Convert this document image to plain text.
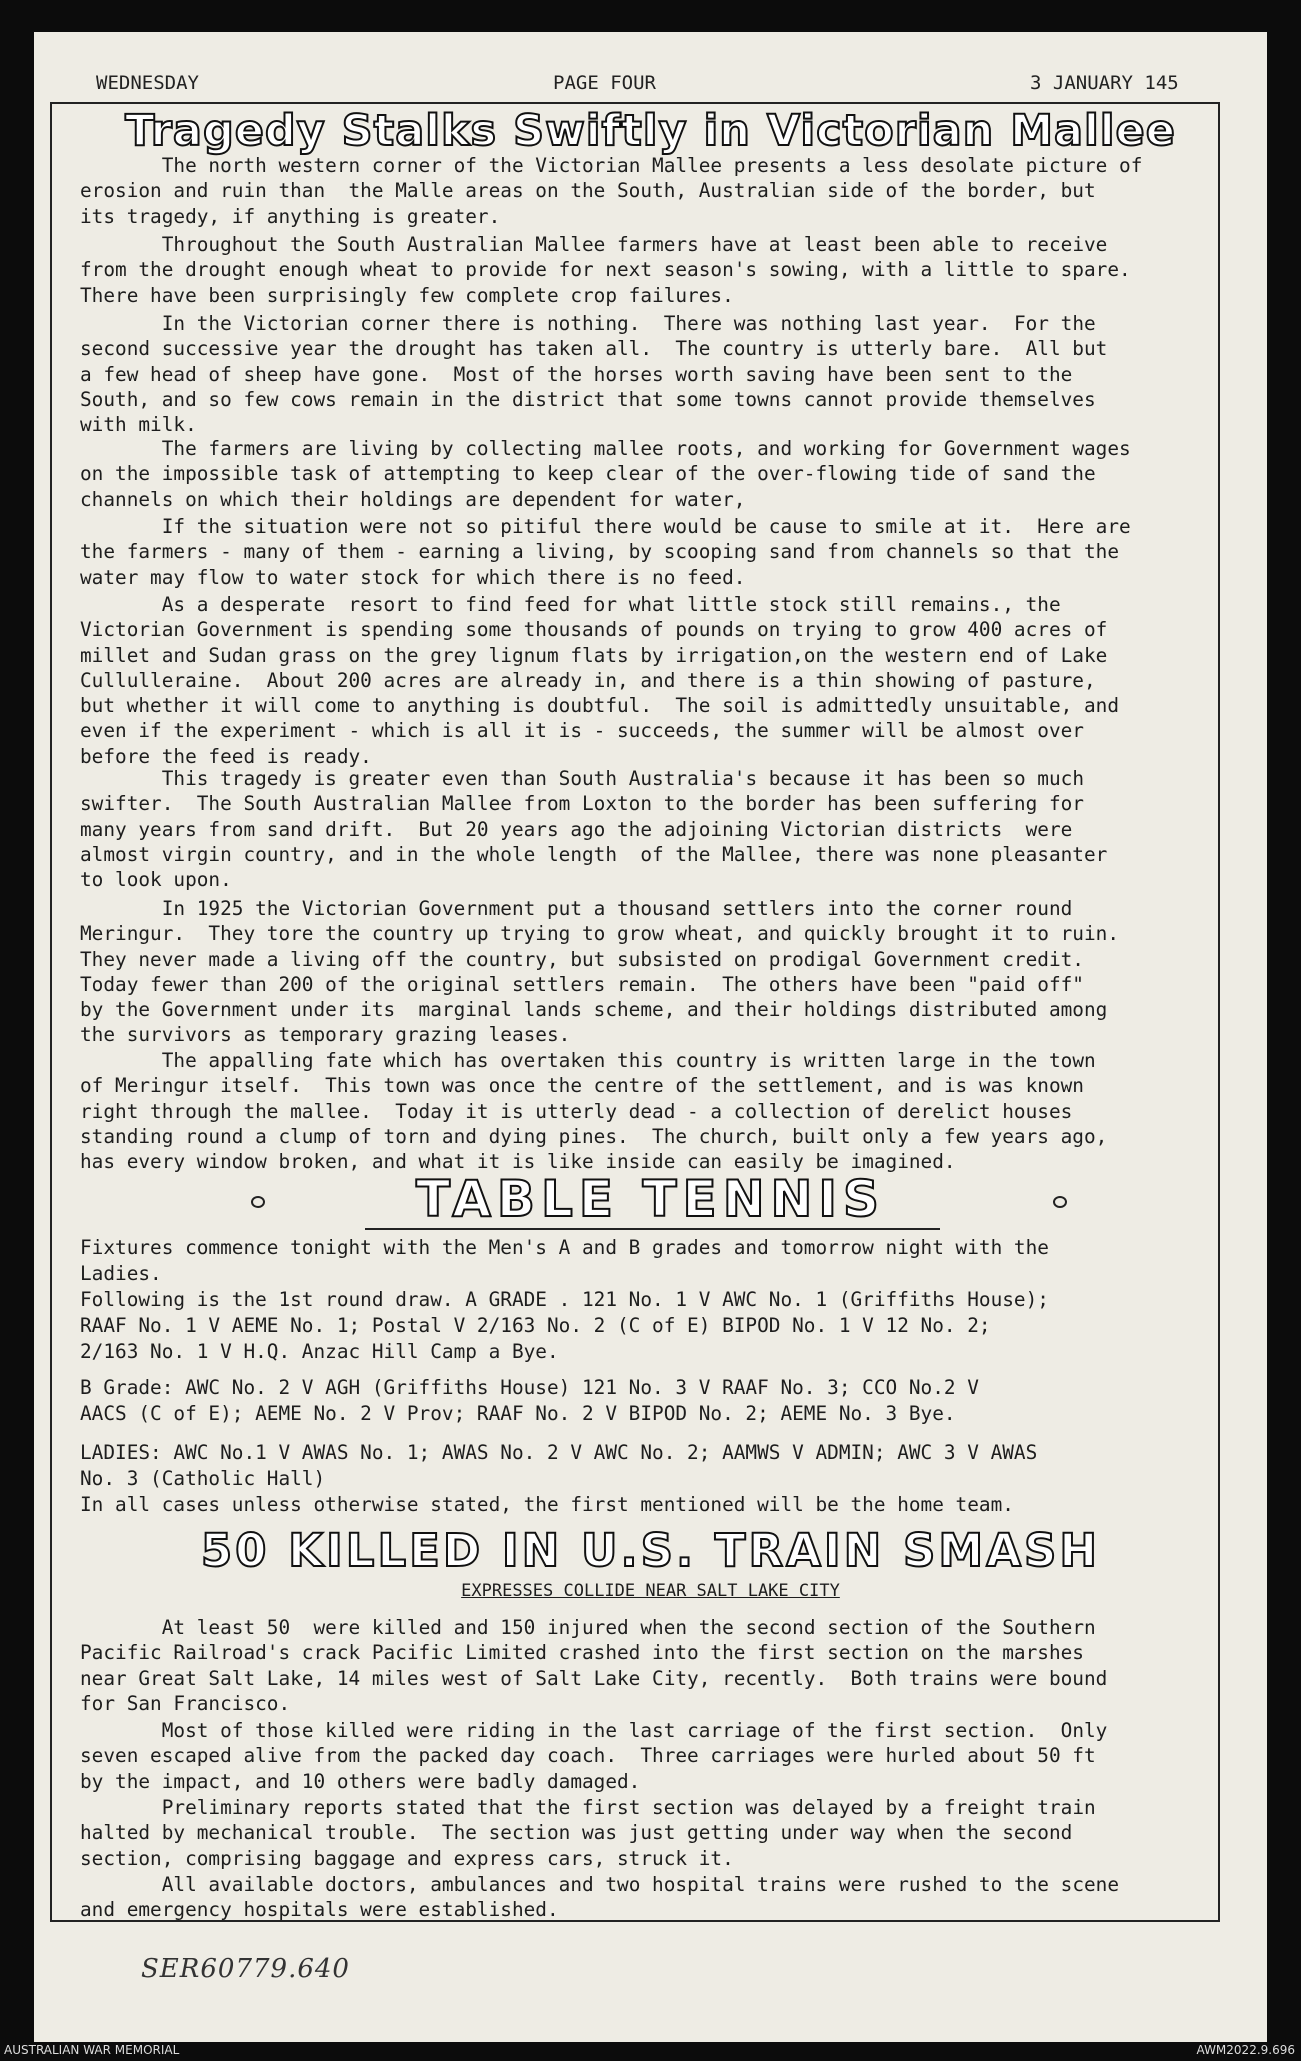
WEDNESDAY	PAGE FOUR	3 JANUARY 145
Tragedy Stalks Swiftly in Victorian Mallee
The north western corner of the Victorian Mallee presents a less desolate picture of
erosion and ruin than  the Malle areas on the South, Australian side of the border, but
its tragedy, if anything is greater.
Throughout the South Australian Mallee farmers have at least been able to receive
from the drought enough wheat to provide for next season's sowing, with a little to spare.
There have been surprisingly few complete crop failures.
In the Victorian corner there is nothing.  There was nothing last year.  For the
second successive year the drought has taken all.  The country is utterly bare.  All but
a few head of sheep have gone.  Most of the horses worth saving have been sent to the
South, and so few cows remain in the district that some towns cannot provide themselves
with milk.
The farmers are living by collecting mallee roots, and working for Government wages
on the impossible task of attempting to keep clear of the over-flowing tide of sand the
channels on which their holdings are dependent for water,
If the situation were not so pitiful there would be cause to smile at it.  Here are
the farmers - many of them - earning a living, by scooping sand from channels so that the
water may flow to water stock for which there is no feed.
As a desperate  resort to find feed for what little stock still remains., the
Victorian Government is spending some thousands of pounds on trying to grow 400 acres of
millet and Sudan grass on the grey lignum flats by irrigation,on the western end of Lake
Cullulleraine.  About 200 acres are already in, and there is a thin showing of pasture,
but whether it will come to anything is doubtful.  The soil is admittedly unsuitable, and
even if the experiment - which is all it is - succeeds, the summer will be almost over
before the feed is ready.
This tragedy is greater even than South Australia's because it has been so much
swifter.  The South Australian Mallee from Loxton to the border has been suffering for
many years from sand drift.  But 20 years ago the adjoining Victorian districts  were
almost virgin country, and in the whole length  of the Mallee, there was none pleasanter
to look upon.
In 1925 the Victorian Government put a thousand settlers into the corner round
Meringur.  They tore the country up trying to grow wheat, and quickly brought it to ruin.
They never made a living off the country, but subsisted on prodigal Government credit.
Today fewer than 200 of the original settlers remain.  The others have been "paid off"
by the Government under its  marginal lands scheme, and their holdings distributed among
the survivors as temporary grazing leases.
The appalling fate which has overtaken this country is written large in the town
of Meringur itself.  This town was once the centre of the settlement, and is was known
right through the mallee.  Today it is utterly dead - a collection of derelict houses
standing round a clump of torn and dying pines.  The church, built only a few years ago,
has every window broken, and what it is like inside can easily be imagined.
TABLE TENNIS
Fixtures commence tonight with the Men's A and B grades and tomorrow night with the
Ladies.
Following is the 1st round draw. A GRADE . 121 No. 1 V AWC No. 1 (Griffiths House);
RAAF No. 1 V AEME No. 1; Postal V 2/163 No. 2 (C of E) BIPOD No. 1 V 12 No. 2;
2/163 No. 1 V H.Q. Anzac Hill Camp a Bye.
B Grade: AWC No. 2 V AGH (Griffiths House) 121 No. 3 V RAAF No. 3; CCO No.2 V
AACS (C of E); AEME No. 2 V Prov; RAAF No. 2 V BIPOD No. 2; AEME No. 3 Bye.
LADIES: AWC No.1 V AWAS No. 1; AWAS No. 2 V AWC No. 2; AAMWS V ADMIN; AWC 3 V AWAS
No. 3 (Catholic Hall)
In all cases unless otherwise stated, the first mentioned will be the home team.
50 KILLED IN U.S. TRAIN SMASH
EXPRESSES COLLIDE NEAR SALT LAKE CITY
At least 50  were killed and 150 injured when the second section of the Southern
Pacific Railroad's crack Pacific Limited crashed into the first section on the marshes
near Great Salt Lake, 14 miles west of Salt Lake City, recently.  Both trains were bound
for San Francisco.
Most of those killed were riding in the last carriage of the first section.  Only
seven escaped alive from the packed day coach.  Three carriages were hurled about 50 ft
by the impact, and 10 others were badly damaged.
Preliminary reports stated that the first section was delayed by a freight train
halted by mechanical trouble.  The section was just getting under way when the second
section, comprising baggage and express cars, struck it.
All available doctors, ambulances and two hospital trains were rushed to the scene
and emergency hospitals were established.
SER60779.640
AUSTRALIAN WAR MEMORIAL	AWM2022.9.696
